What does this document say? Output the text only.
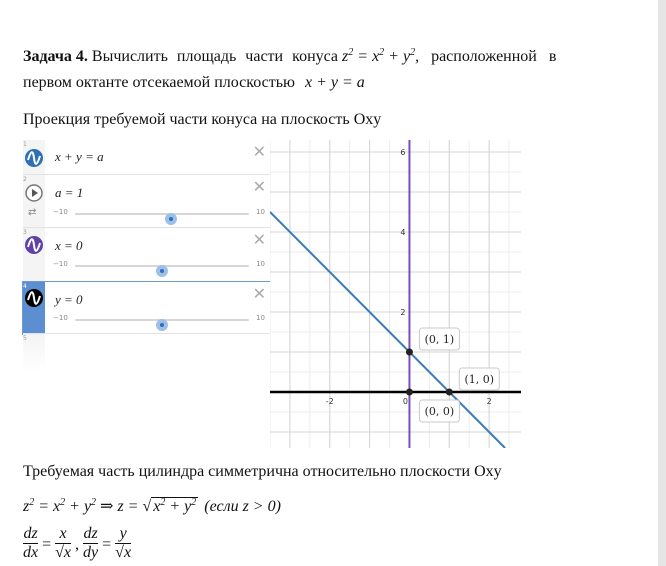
Задача 4. Вычислить площадь части конуса $z^2 = x^2 + y^2$, расположенной в
первом октанте отсекаемой плоскостью x + y = a
Проекция требуемой части конуса на плоскость Oxy
1
x + y = a	✕
2
⇄
a = 1	✕
−10	10
3
x = 0	✕
−10	10
4
y = 0	✕
−10	10
5
-2	0	2
2
4
6
(0, 1)
(1, 0)
(0, 0)
Требуемая часть цилиндра симметрична относительно плоскости Oxy
$z^2 = x^2 + y^2$ ⇒ z = √ $x^2 + y^2$ (если z > 0)
$\frac{dz}{dx} = \frac{x}{√x}$ , $\frac{dz}{dy} = \frac{y}{√x}$
